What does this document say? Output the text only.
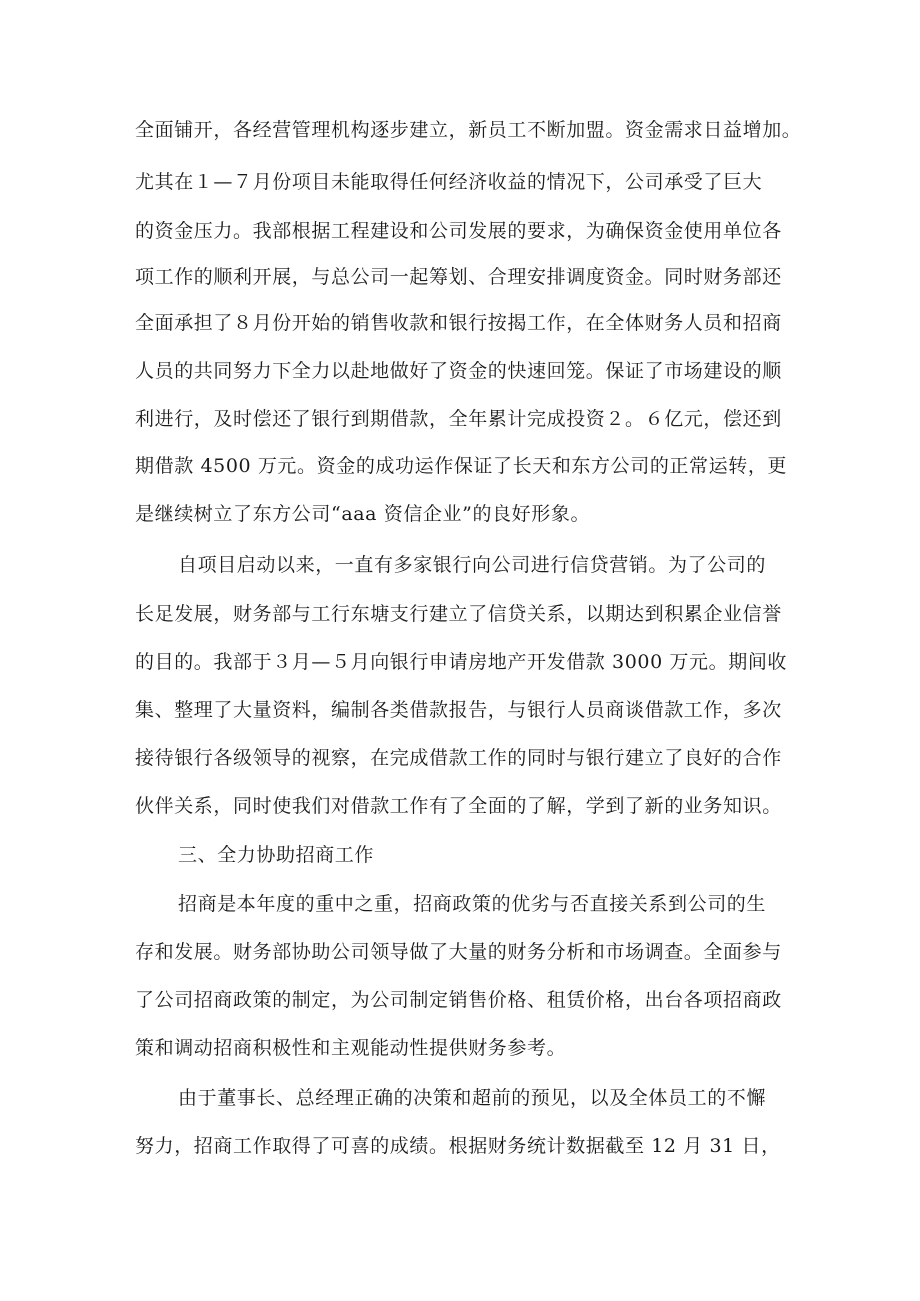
全面铺开，各经营管理机构逐步建立，新员工不断加盟。资金需求日益增加。
尤其在１—７月份项目未能取得任何经济收益的情况下，公司承受了巨大
的资金压力。我部根据工程建设和公司发展的要求，为确保资金使用单位各
项工作的顺利开展，与总公司一起筹划、合理安排调度资金。同时财务部还
全面承担了８月份开始的销售收款和银行按揭工作，在全体财务人员和招商
人员的共同努力下全力以赴地做好了资金的快速回笼。保证了市场建设的顺
利进行，及时偿还了银行到期借款，全年累计完成投资２。６亿元，偿还到
期借款 4500 万元。资金的成功运作保证了长天和东方公司的正常运转，更
是继续树立了东方公司“aaa 资信企业”的良好形象。
自项目启动以来，一直有多家银行向公司进行信贷营销。为了公司的
长足发展，财务部与工行东塘支行建立了信贷关系，以期达到积累企业信誉
的目的。我部于３月—５月向银行申请房地产开发借款 3000 万元。期间收
集、整理了大量资料，编制各类借款报告，与银行人员商谈借款工作，多次
接待银行各级领导的视察，在完成借款工作的同时与银行建立了良好的合作
伙伴关系，同时使我们对借款工作有了全面的了解，学到了新的业务知识。
三、全力协助招商工作
招商是本年度的重中之重，招商政策的优劣与否直接关系到公司的生
存和发展。财务部协助公司领导做了大量的财务分析和市场调查。全面参与
了公司招商政策的制定，为公司制定销售价格、租赁价格，出台各项招商政
策和调动招商积极性和主观能动性提供财务参考。
由于董事长、总经理正确的决策和超前的预见，以及全体员工的不懈
努力，招商工作取得了可喜的成绩。根据财务统计数据截至 12 月 31 日，
